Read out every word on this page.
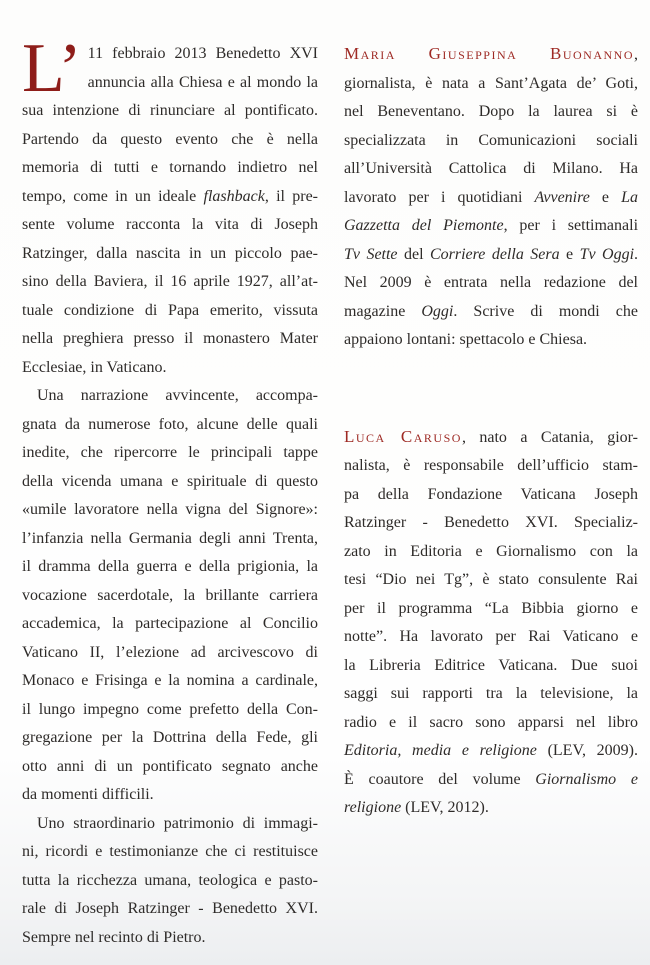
L’ 11 febbraio 2013 Benedetto XVI
annuncia alla Chiesa e al mondo la
sua intenzione di rinunciare al pontificato.
Partendo da questo evento che è nella
memoria di tutti e tornando indietro nel
tempo, come in un ideale flashback, il pre-
sente volume racconta la vita di Joseph
Ratzinger, dalla nascita in un piccolo pae-
sino della Baviera, il 16 aprile 1927, all’at-
tuale condizione di Papa emerito, vissuta
nella preghiera presso il monastero Mater
Ecclesiae, in Vaticano.
Una narrazione avvincente, accompa-
gnata da numerose foto, alcune delle quali
inedite, che ripercorre le principali tappe
della vicenda umana e spirituale di questo
«umile lavoratore nella vigna del Signore»:
l’infanzia nella Germania degli anni Trenta,
il dramma della guerra e della prigionia, la
vocazione sacerdotale, la brillante carriera
accademica, la partecipazione al Concilio
Vaticano II, l’elezione ad arcivescovo di
Monaco e Frisinga e la nomina a cardinale,
il lungo impegno come prefetto della Con-
gregazione per la Dottrina della Fede, gli
otto anni di un pontificato segnato anche
da momenti difficili.
Uno straordinario patrimonio di immagi-
ni, ricordi e testimonianze che ci restituisce
tutta la ricchezza umana, teologica e pasto-
rale di Joseph Ratzinger - Benedetto XVI.
Sempre nel recinto di Pietro.
Maria Giuseppina Buonanno,
giornalista, è nata a Sant’Agata de’ Goti,
nel Beneventano. Dopo la laurea si è
specializzata in Comunicazioni sociali
all’Università Cattolica di Milano. Ha
lavorato per i quotidiani Avvenire e La
Gazzetta del Piemonte, per i settimanali
Tv Sette del Corriere della Sera e Tv Oggi.
Nel 2009 è entrata nella redazione del
magazine Oggi. Scrive di mondi che
appaiono lontani: spettacolo e Chiesa.
Luca Caruso, nato a Catania, gior-
nalista, è responsabile dell’ufficio stam-
pa della Fondazione Vaticana Joseph
Ratzinger - Benedetto XVI. Specializ-
zato in Editoria e Giornalismo con la
tesi “Dio nei Tg”, è stato consulente Rai
per il programma “La Bibbia giorno e
notte”. Ha lavorato per Rai Vaticano e
la Libreria Editrice Vaticana. Due suoi
saggi sui rapporti tra la televisione, la
radio e il sacro sono apparsi nel libro
Editoria, media e religione (LEV, 2009).
È coautore del volume Giornalismo e
religione (LEV, 2012).
